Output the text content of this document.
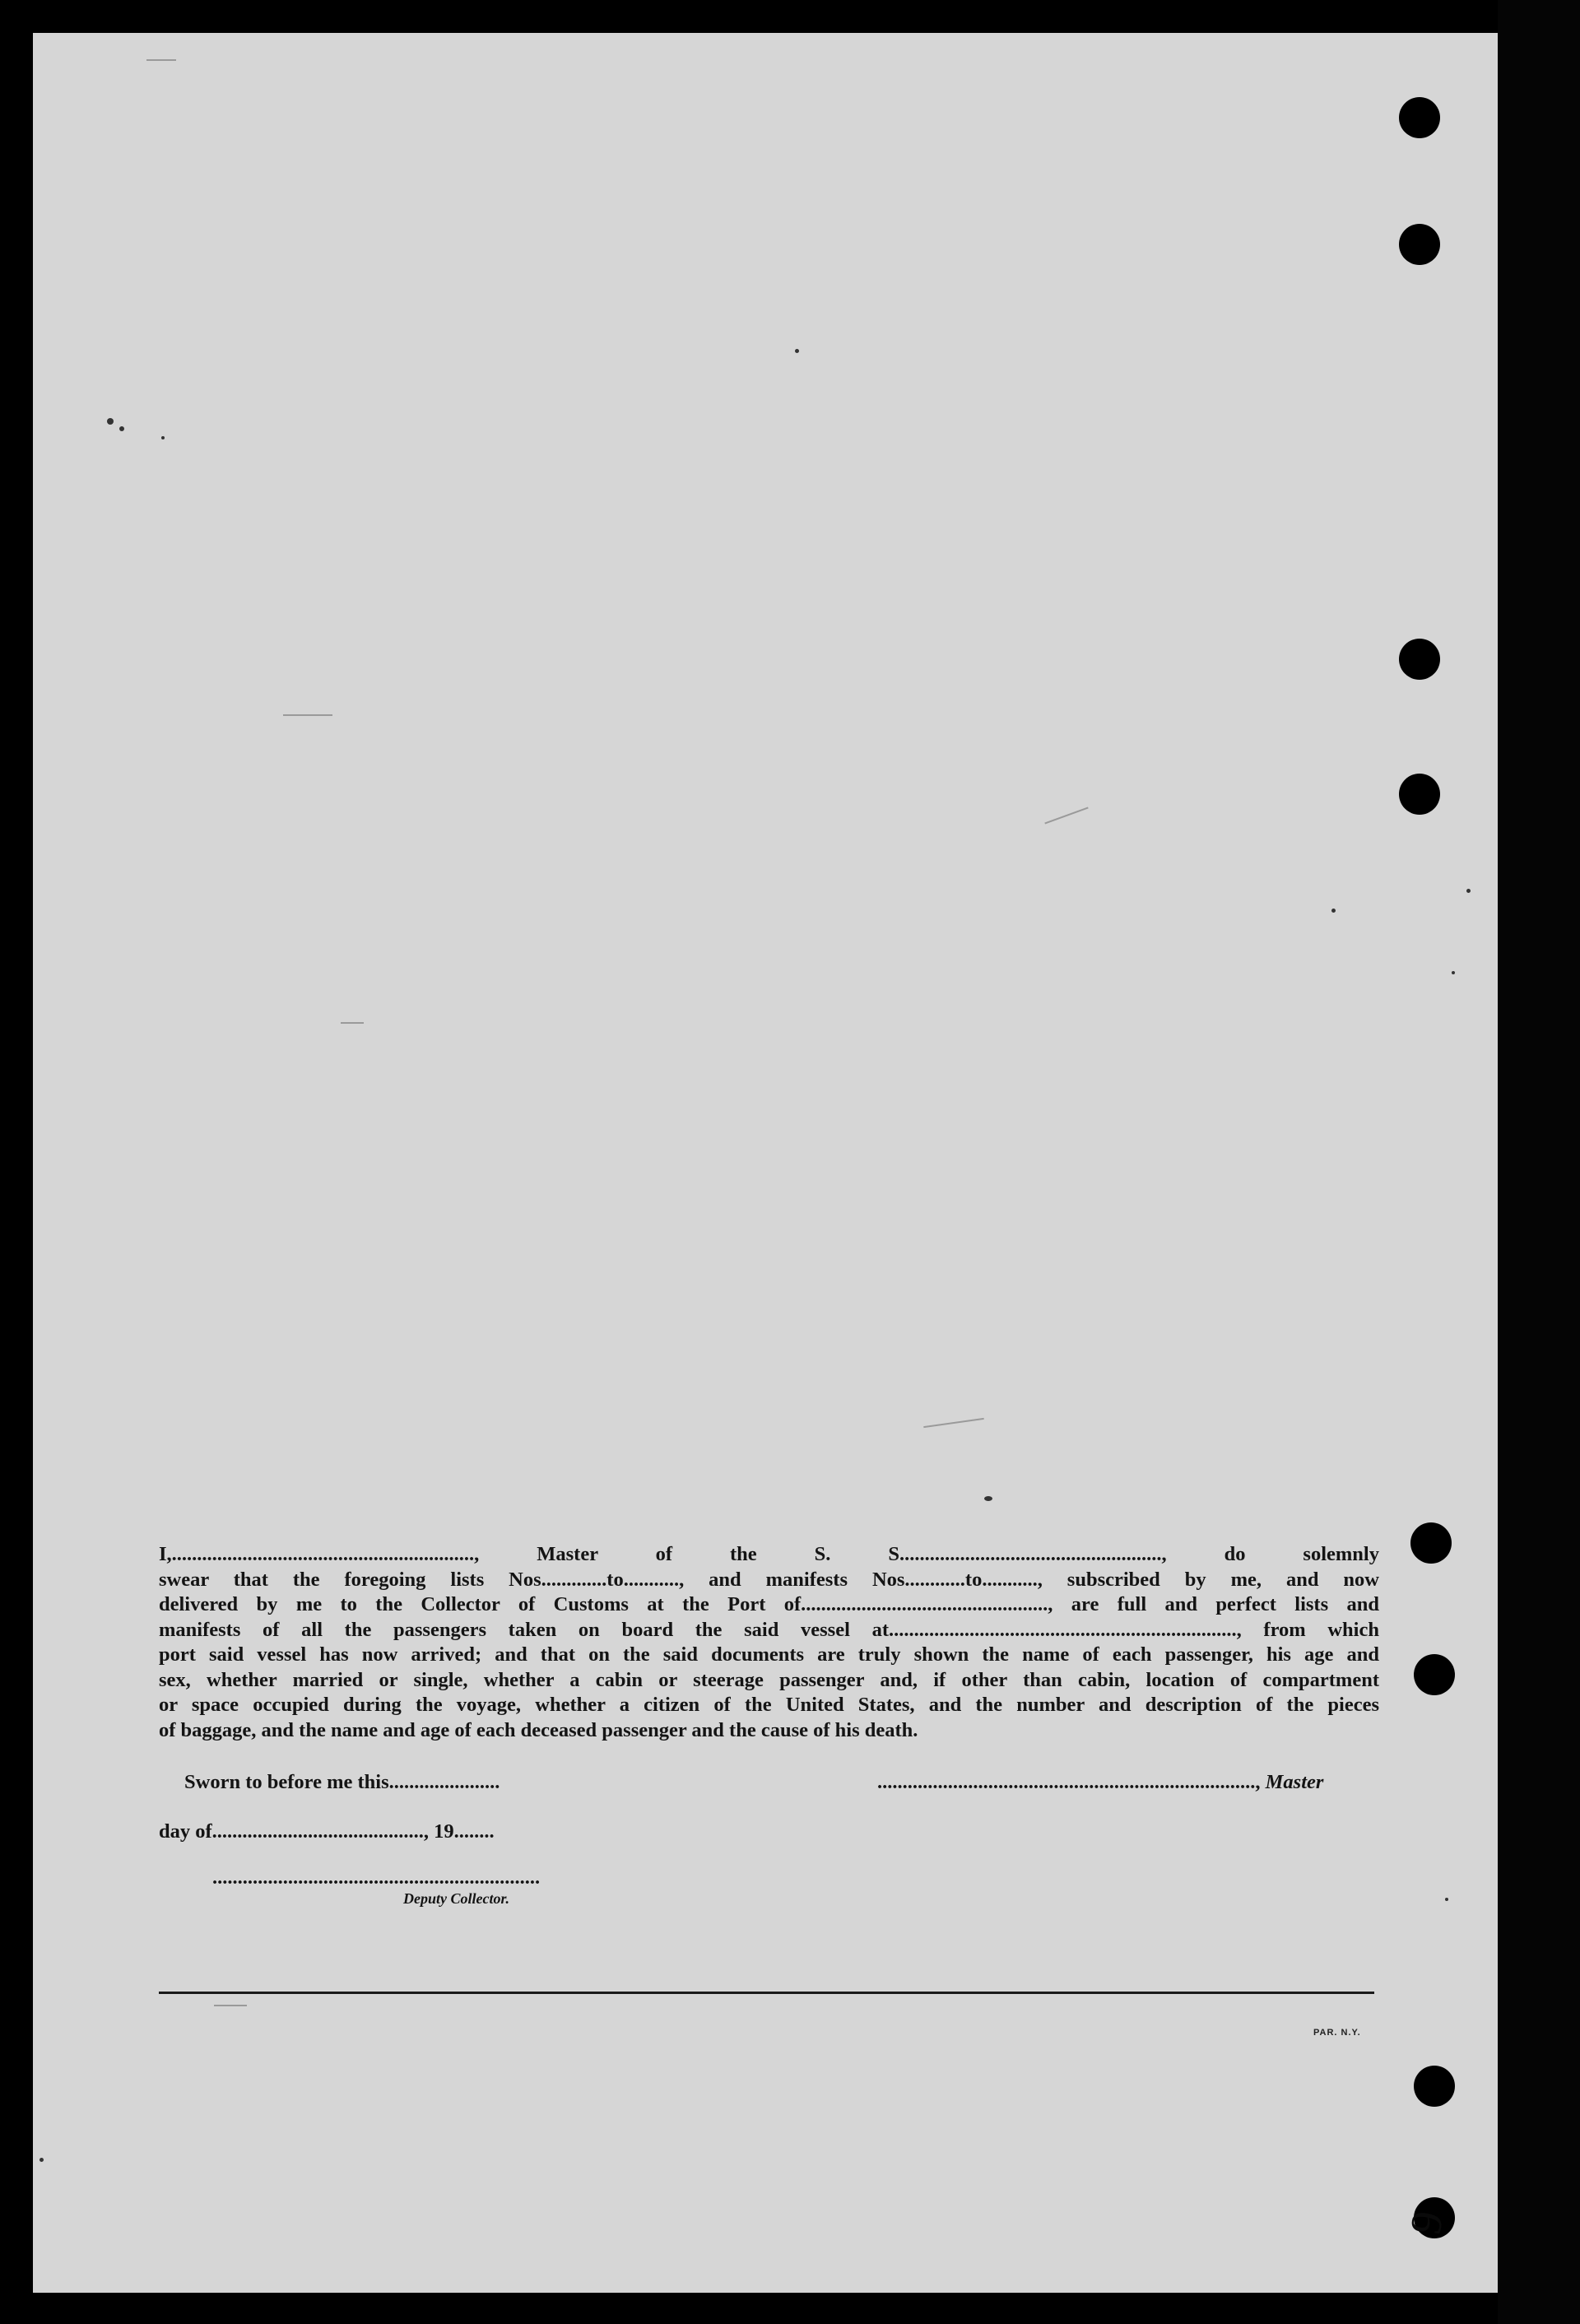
I,............................................................, Master of the S. S...................................................., do solemnly
swear that the foregoing lists Nos.............to..........., and manifests Nos............to..........., subscribed by me, and now
delivered by me to the Collector of Customs at the Port of................................................., are full and perfect lists and
manifests of all the passengers taken on board the said vessel at....................................................................., from which
port said vessel has now arrived; and that on the said documents are truly shown the name of each passenger, his age and
sex, whether married or single, whether a cabin or steerage passenger and, if other than cabin, location of compartment
or space occupied during the voyage, whether a citizen of the United States, and the number and description of the pieces
of baggage, and the name and age of each deceased passenger and the cause of his death.
Sworn to before me this......................	..........................................................................., Master
day of.........................................., 19........
.................................................................
Deputy Collector.
PAR. N.Y.
9
